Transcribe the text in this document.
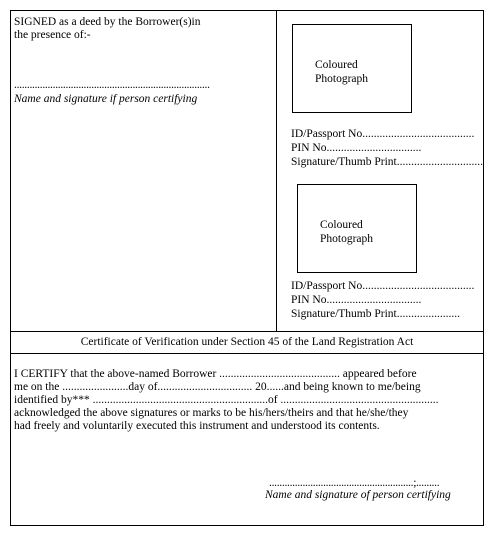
SIGNED as a deed by the Borrower(s)in
the presence of:-
............................................................................
Name and signature if person certifying
Coloured
Photograph
ID/Passport No.......................................
PIN No.................................
Signature/Thumb Print..............................
Coloured
Photograph
ID/Passport No.......................................
PIN No.................................
Signature/Thumb Print......................
Certificate of Verification under Section 45 of the Land Registration Act
I CERTIFY that the above-named Borrower .......................................... appeared before
me on the .......................day of................................. 20......and being known to me/being
identified by*** .............................................................of .......................................................
acknowledged the above signatures or marks to be his/hers/theirs and that he/she/they
had freely and voluntarily executed this instrument and understood its contents.
........................................................;.........
Name and signature of person certifying
